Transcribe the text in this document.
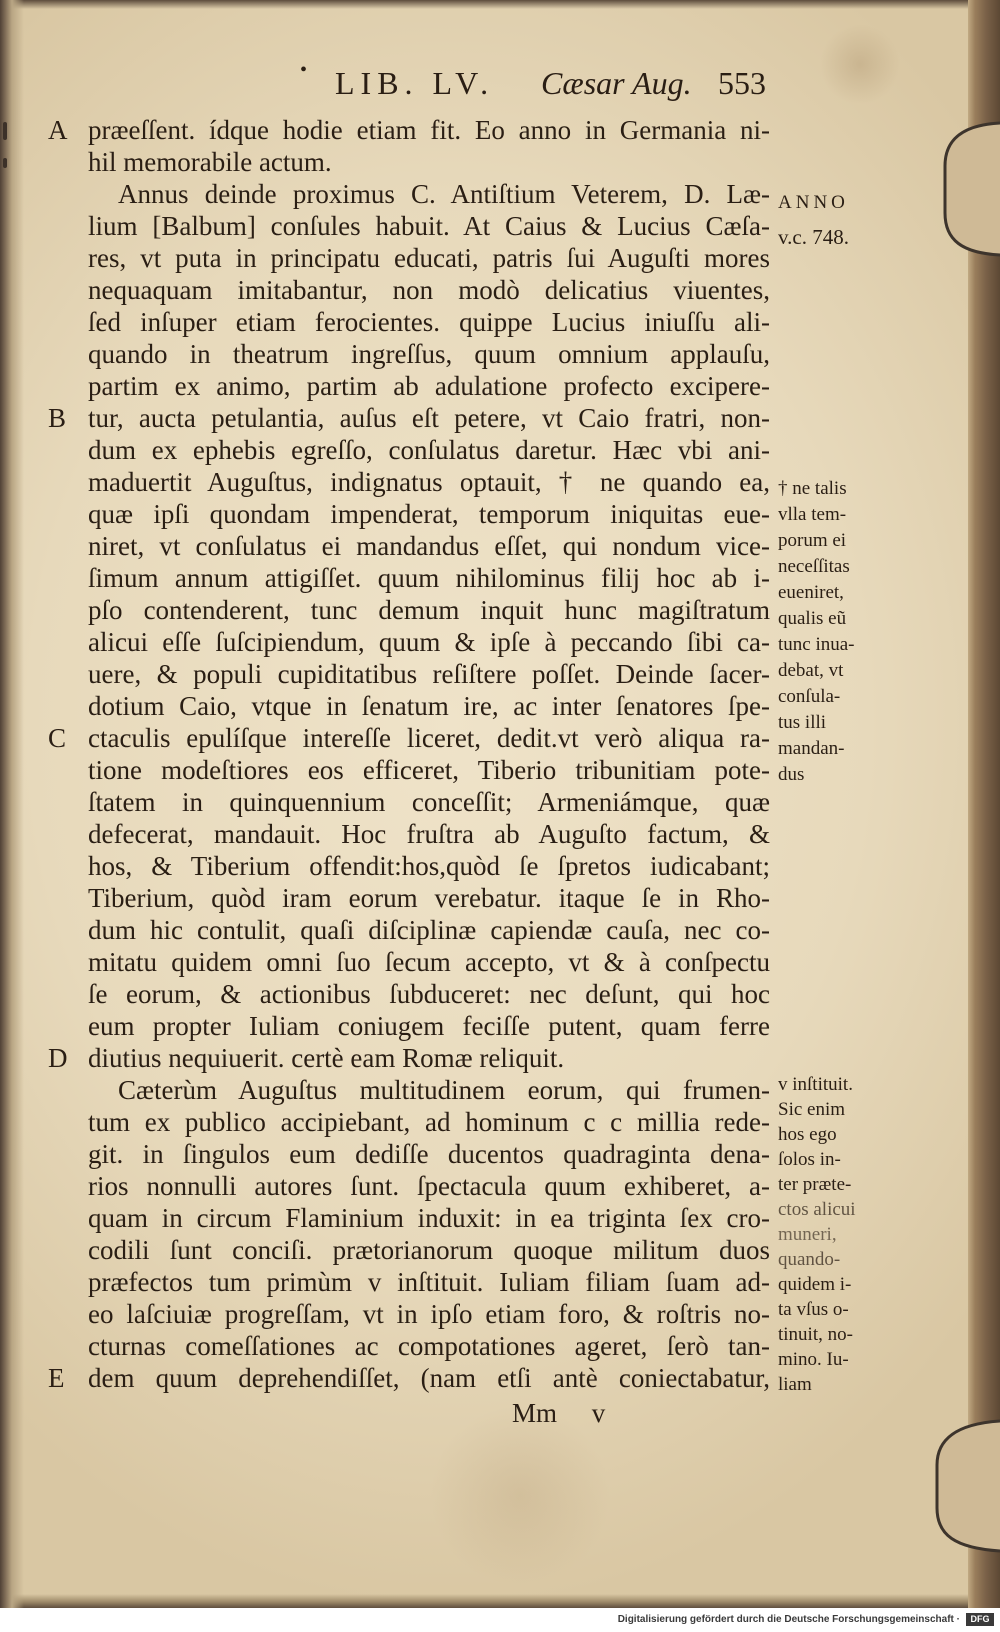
• LIB. LV. Cæsar Aug. 553
A
B
C
D
E
præeſſent. ídque hodie etiam fit. Eo anno in Germania ni-
hil memorabile actum.
Annus deinde proximus C. Antiſtium Veterem, D. Læ-
lium [Balbum] conſules habuit. At Caius & Lucius Cæſa-
res, vt puta in principatu educati, patris ſui Auguſti mores
nequaquam imitabantur, non modò delicatius viuentes,
ſed inſuper etiam ferocientes. quippe Lucius iniuſſu ali-
quando in theatrum ingreſſus, quum omnium applauſu,
partim ex animo, partim ab adulatione profecto excipere-
tur, aucta petulantia, auſus eſt petere, vt Caio fratri, non-
dum ex ephebis egreſſo, conſulatus daretur. Hæc vbi ani-
maduertit Auguſtus, indignatus optauit, † ne quando ea,
quæ ipſi quondam impenderat, temporum iniquitas eue-
niret, vt conſulatus ei mandandus eſſet, qui nondum vice-
ſimum annum attigiſſet. quum nihilominus filij hoc ab i-
pſo contenderent, tunc demum inquit hunc magiſtratum
alicui eſſe ſuſcipiendum, quum & ipſe à peccando ſibi ca-
uere, & populi cupiditatibus reſiſtere poſſet. Deinde ſacer-
dotium Caio, vtque in ſenatum ire, ac inter ſenatores ſpe-
ctaculis epulíſque intereſſe liceret, dedit.vt verò aliqua ra-
tione modeſtiores eos efficeret, Tiberio tribunitiam pote-
ſtatem in quinquennium conceſſit; Armeniámque, quæ
defecerat, mandauit. Hoc fruſtra ab Auguſto factum, &
hos, & Tiberium offendit:hos,quòd ſe ſpretos iudicabant;
Tiberium, quòd iram eorum verebatur. itaque ſe in Rho-
dum hic contulit, quaſi diſciplinæ capiendæ cauſa, nec co-
mitatu quidem omni ſuo ſecum accepto, vt & à conſpectu
ſe eorum, & actionibus ſubduceret: nec deſunt, qui hoc
eum propter Iuliam coniugem feciſſe putent, quam ferre
diutius nequiuerit. certè eam Romæ reliquit.
Cæterùm Auguſtus multitudinem eorum, qui frumen-
tum ex publico accipiebant, ad hominum c c millia rede-
git. in ſingulos eum dediſſe ducentos quadraginta dena-
rios nonnulli autores ſunt. ſpectacula quum exhiberet, a-
quam in circum Flaminium induxit: in ea triginta ſex cro-
codili ſunt conciſi. prætorianorum quoque militum duos
præfectos tum primùm v inſtituit. Iuliam filiam ſuam ad-
eo laſciuiæ progreſſam, vt in ipſo etiam foro, & roſtris no-
cturnas comeſſationes ac compotationes ageret, ſerò tan-
dem quum deprehendiſſet, (nam etſi antè coniectabatur,
ANNO
v.c. 748.
† ne talis
vlla tem-
porum ei
neceſſitas
eueniret,
qualis eũ
tunc inua-
debat, vt
conſula-
tus illi
mandan-
dus
v inſtituit.
Sic enim
hos ego
ſolos in-
ter præte-
ctos alicui
muneri,
quando-
quidem i-
ta vſus o-
tinuit, no-
mino. Iu-
liam
Mm v
Digitalisierung gefördert durch die Deutsche Forschungsgemeinschaft ·	DFG
